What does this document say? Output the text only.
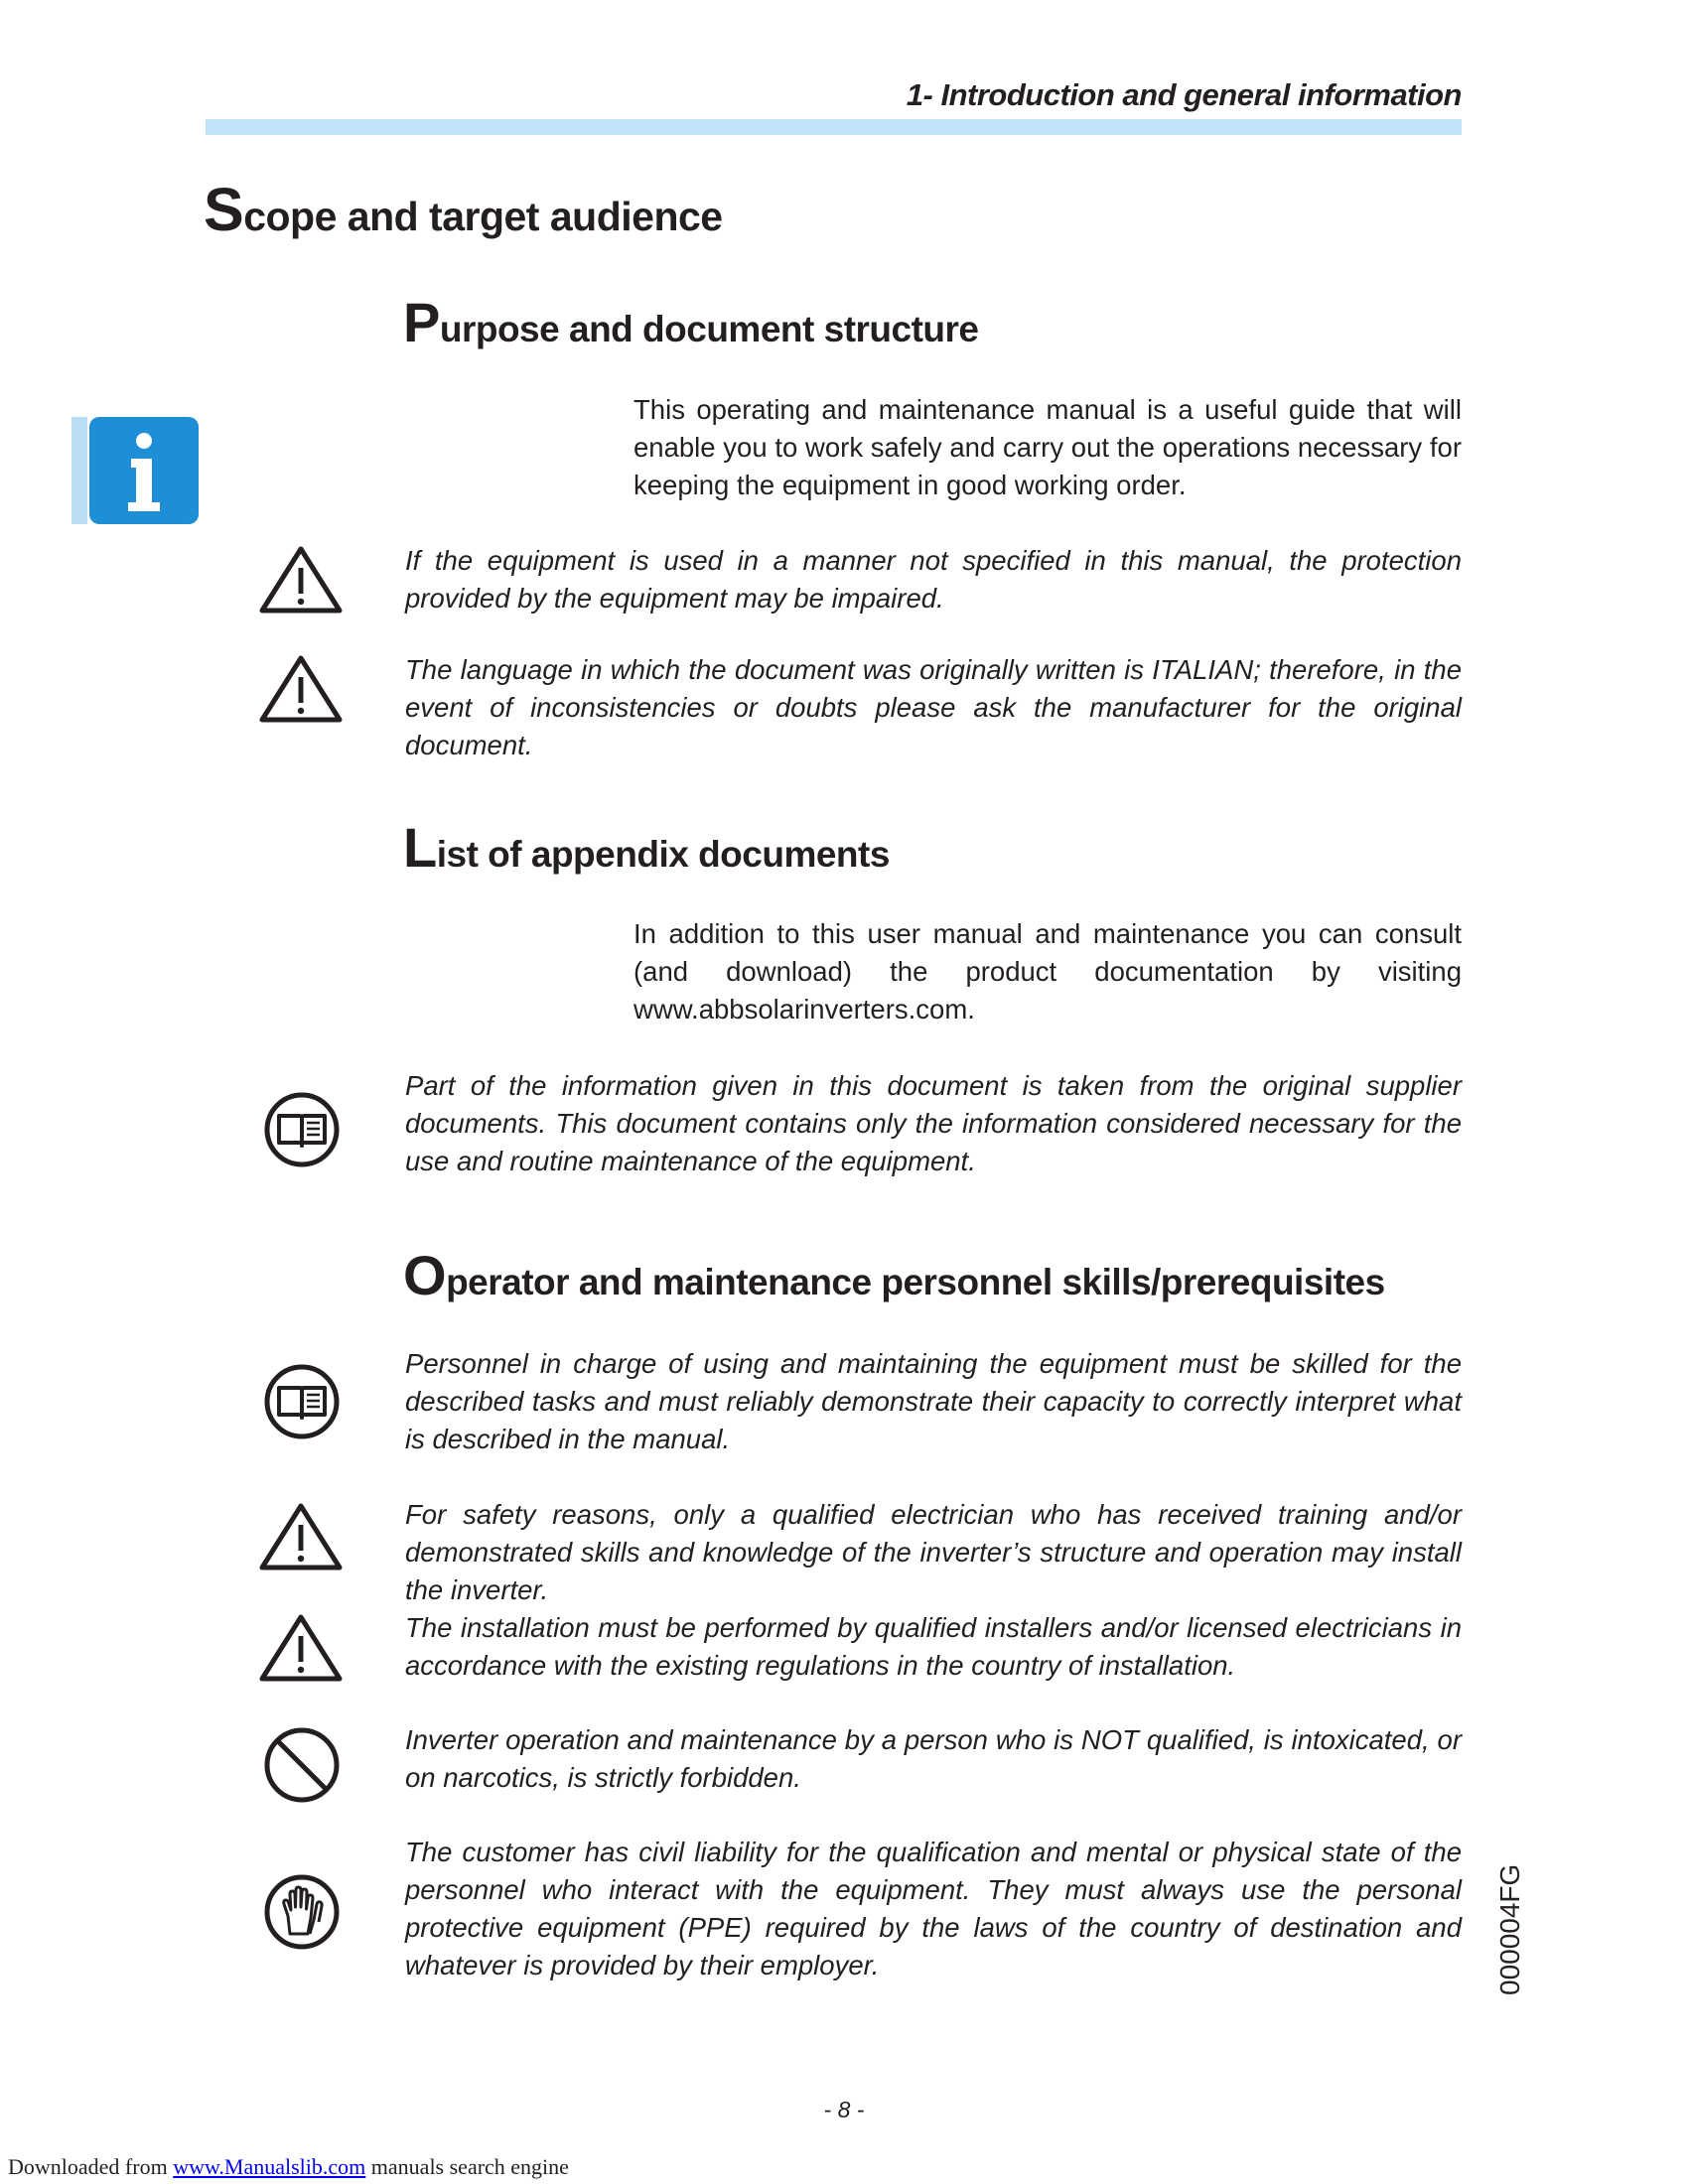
1- Introduction and general information
Scope and target audience
Purpose and document structure

This operating and maintenance manual is a useful guide that will enable you to work safely and carry out the operations necessary for keeping the equipment in good working order.

If the equipment is used in a manner not specified in this manual, the protection provided by the equipment may be impaired.

The language in which the document was originally written is ITALIAN; therefore, in the event of inconsistencies or doubts please ask the manufacturer for the original document.

List of appendix documents

In addition to this user manual and maintenance you can consult (and download) the product documentation by visiting www.abbsolarinverters.com.

Part of the information given in this document is taken from the original supplier documents. This document contains only the information considered necessary for the use and routine maintenance of the equipment.

Operator and maintenance personnel skills/prerequisites

Personnel in charge of using and maintaining the equipment must be skilled for the described tasks and must reliably demonstrate their capacity to correctly interpret what is described in the manual.

For safety reasons, only a qualified electrician who has received training and/or demonstrated skills and knowledge of the inverter’s structure and operation may install the inverter.

The installation must be performed by qualified installers and/or licensed electricians in accordance with the existing regulations in the country of installation.

Inverter operation and maintenance by a person who is NOT qualified, is intoxicated, or on narcotics, is strictly forbidden.

The customer has civil liability for the qualification and mental or physical state of the personnel who interact with the equipment. They must always use the personal protective equipment (PPE) required by the laws of the country of destination and whatever is provided by their employer.	000004FG
- 8 -
Downloaded from www.Manualslib.com manuals search engine
